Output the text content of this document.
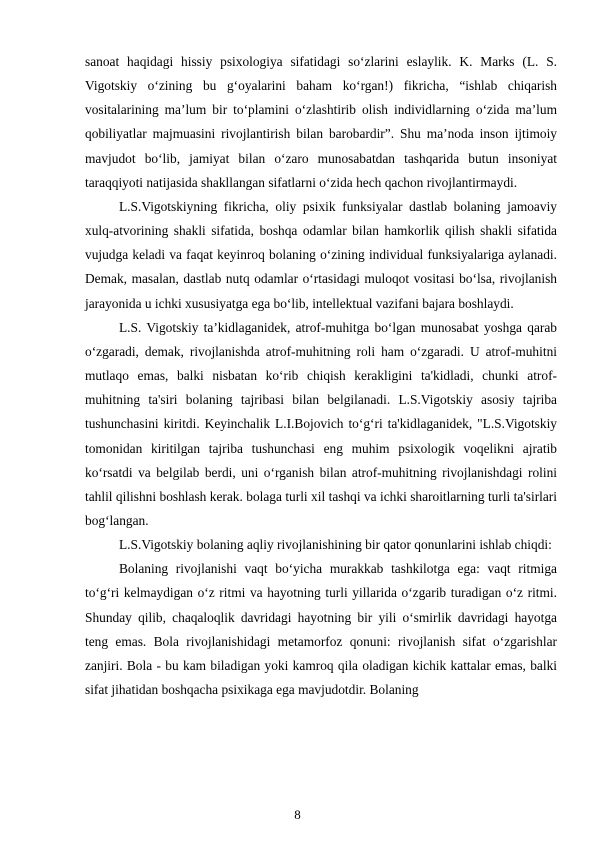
sanoat haqidagi hissiy psixologiya sifatidagi so‘zlarini eslaylik. K. Marks (L. S. Vigotskiy o‘zining bu g‘oyalarini baham ko‘rgan!) fikricha, “ishlab chiqarish vositalarining ma’lum bir to‘plamini o‘zlashtirib olish individlarning o‘zida ma’lum qobiliyatlar majmuasini rivojlantirish bilan barobardir”. Shu ma’noda inson ijtimoiy mavjudot bo‘lib, jamiyat bilan o‘zaro munosabatdan tashqarida butun insoniyat taraqqiyoti natijasida shakllangan sifatlarni o‘zida hech qachon rivojlantirmaydi.

L.S.Vigotskiyning fikricha, oliy psixik funksiyalar dastlab bolaning jamoaviy xulq-atvorining shakli sifatida, boshqa odamlar bilan hamkorlik qilish shakli sifatida vujudga keladi va faqat keyinroq bolaning o‘zining individual funksiyalariga aylanadi. Demak, masalan, dastlab nutq odamlar o‘rtasidagi muloqot vositasi bo‘lsa, rivojlanish jarayonida u ichki xususiyatga ega bo‘lib, intellektual vazifani bajara boshlaydi.

L.S. Vigotskiy ta’kidlaganidek, atrof-muhitga bo‘lgan munosabat yoshga qarab o‘zgaradi, demak, rivojlanishda atrof-muhitning roli ham o‘zgaradi. U atrof-muhitni mutlaqo emas, balki nisbatan ko‘rib chiqish kerakligini ta'kidladi, chunki atrof-muhitning ta'siri bolaning tajribasi bilan belgilanadi. L.S.Vigotskiy asosiy tajriba tushunchasini kiritdi. Keyinchalik L.I.Bojovich to‘g‘ri ta'kidlaganidek, "L.S.Vigotskiy tomonidan kiritilgan tajriba tushunchasi eng muhim psixologik voqelikni ajratib ko‘rsatdi va belgilab berdi, uni o‘rganish bilan atrof-muhitning rivojlanishdagi rolini tahlil qilishni boshlash kerak. bolaga turli xil tashqi va ichki sharoitlarning turli ta'sirlari bog‘langan.

L.S.Vigotskiy bolaning aqliy rivojlanishining bir qator qonunlarini ishlab chiqdi:

Bolaning rivojlanishi vaqt bo‘yicha murakkab tashkilotga ega: vaqt ritmiga to‘g‘ri kelmaydigan o‘z ritmi va hayotning turli yillarida o‘zgarib turadigan o‘z ritmi. Shunday qilib, chaqaloqlik davridagi hayotning bir yili o‘smirlik davridagi hayotga teng emas. Bola rivojlanishidagi metamorfoz qonuni: rivojlanish sifat o‘zgarishlar zanjiri. Bola - bu kam biladigan yoki kamroq qila oladigan kichik kattalar emas, balki sifat jihatidan boshqacha psixikaga ega mavjudotdir. Bolaning

8
